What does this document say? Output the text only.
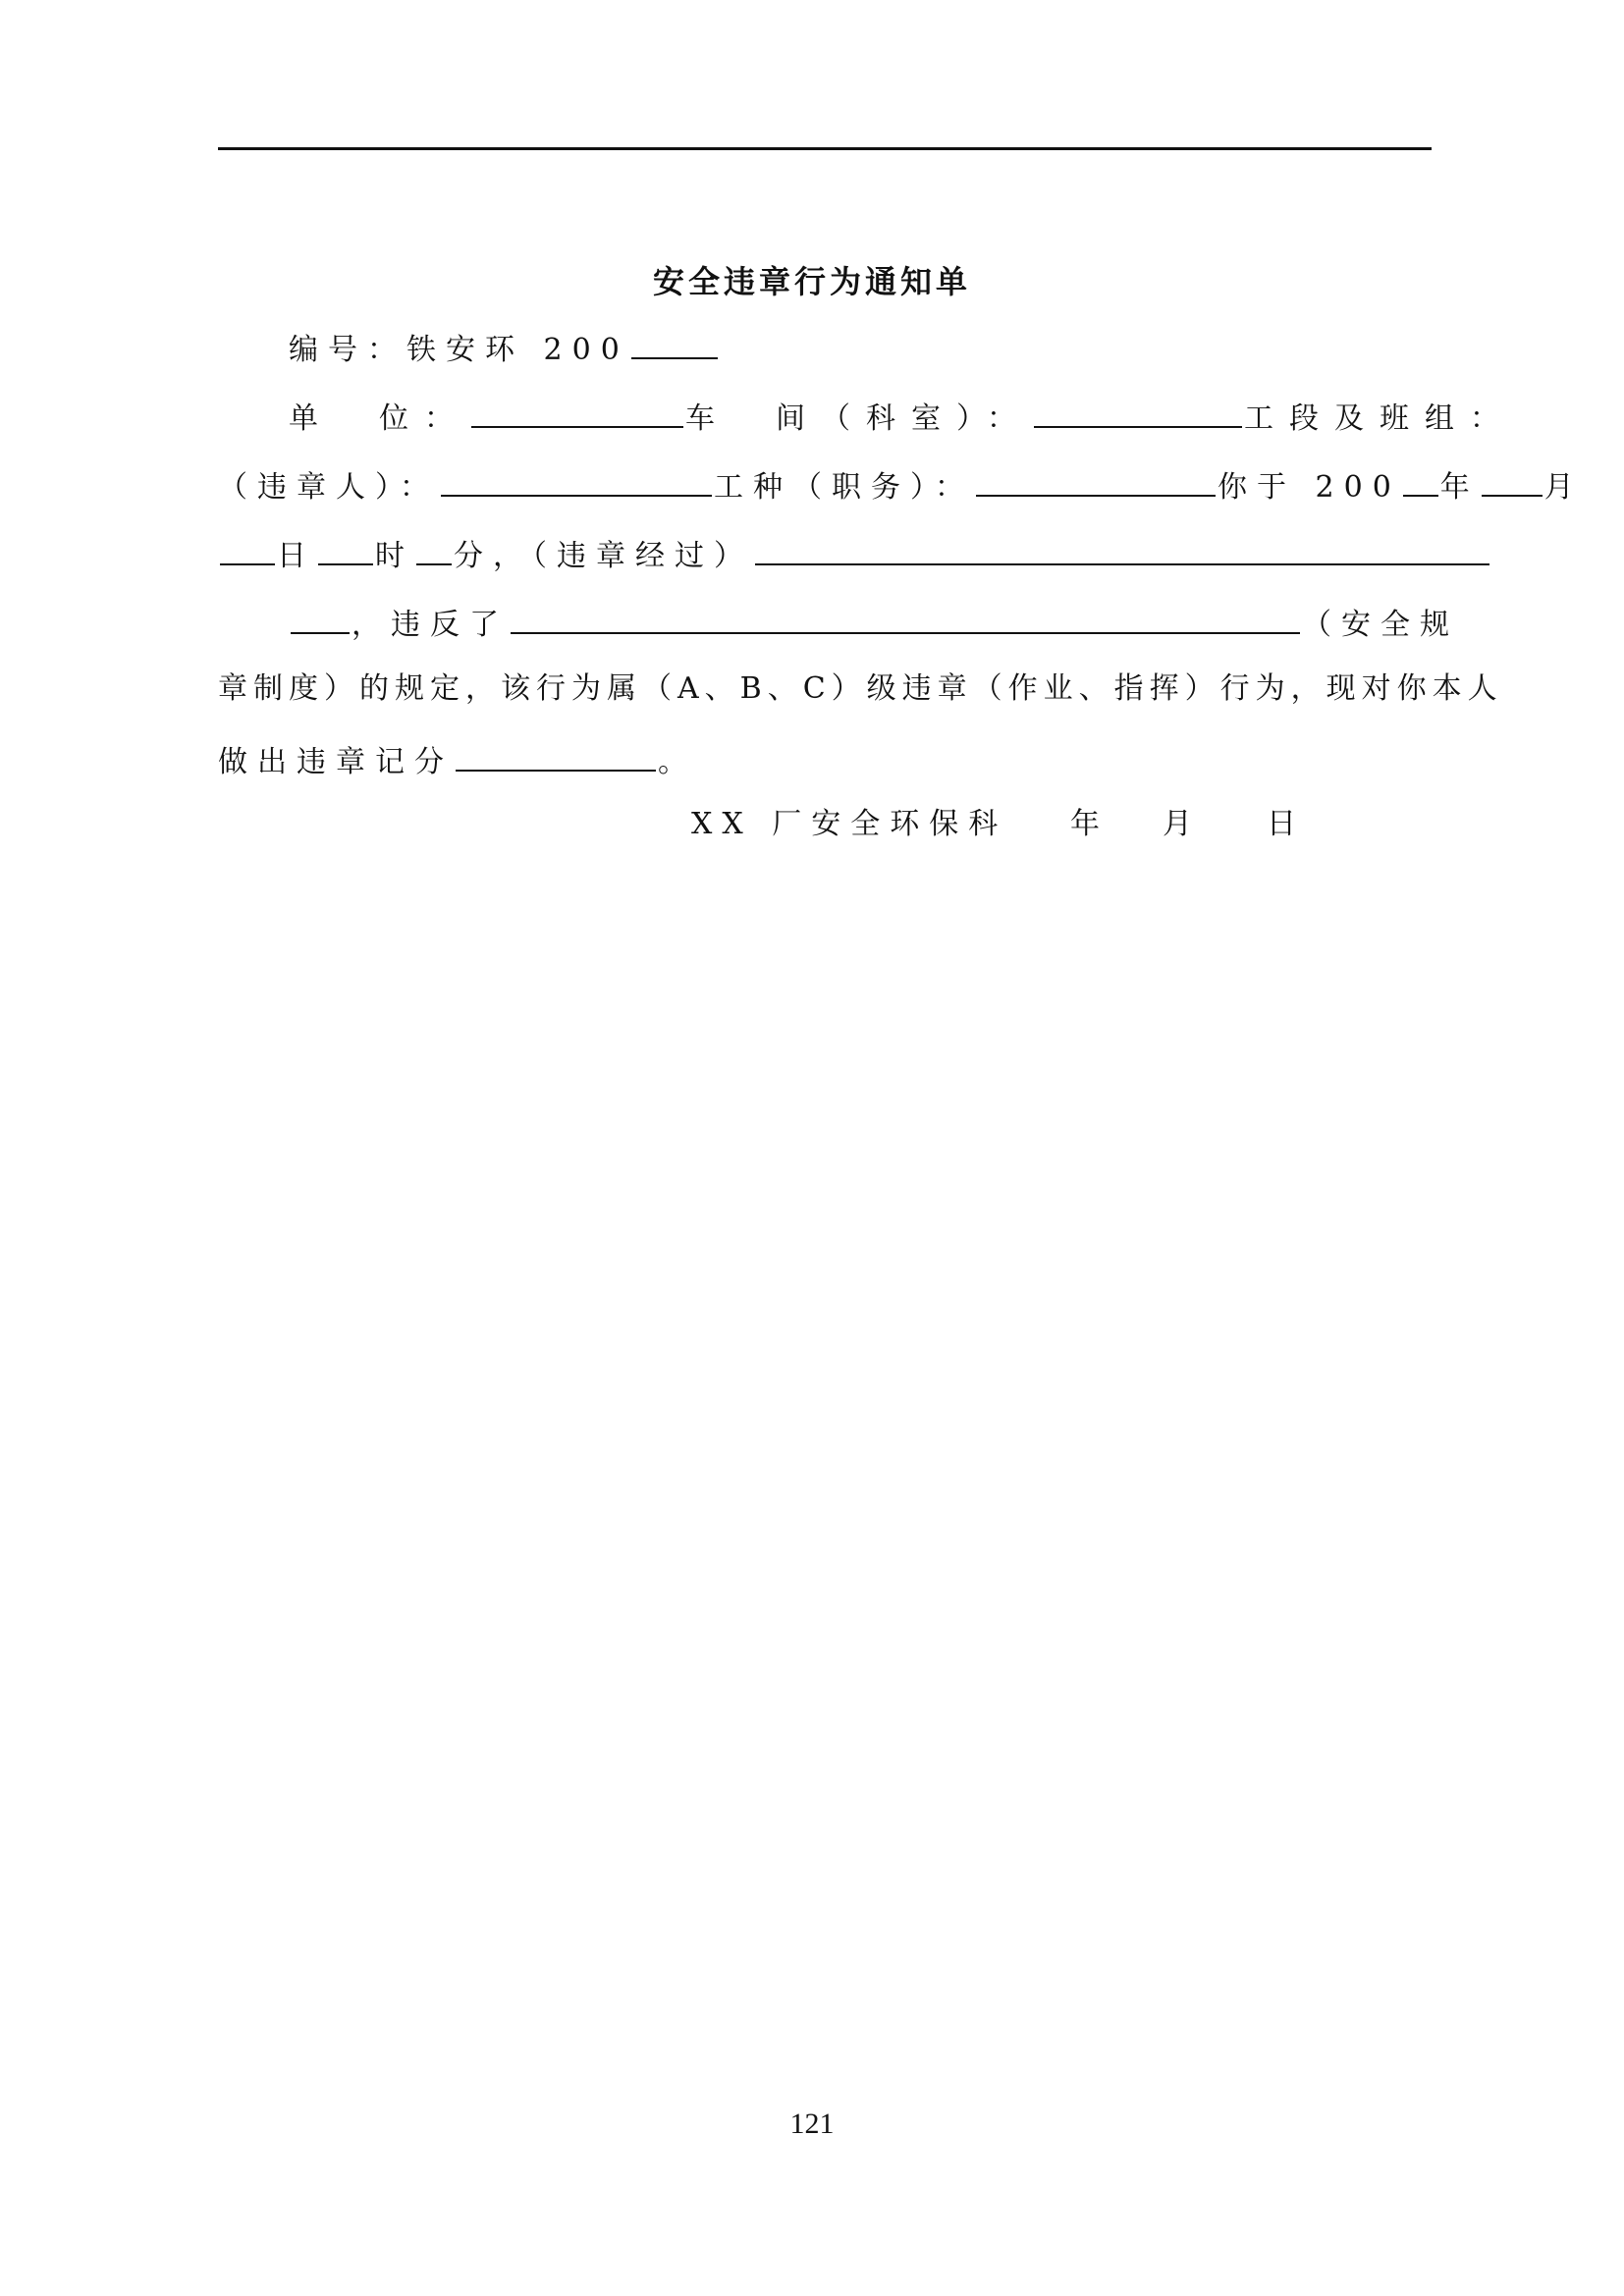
安全违章行为通知单
编号：铁安环 200
单　位：	车　间（科室）：	工段及班组：
（违章人）：	工种（职务）：	你于 200 年 月
日 时 分，（违章经过）
，违反了	（安全规
章制度）的规定，该行为属（A、B、C）级违章（作业、指挥）行为，现对你本人
做出违章记分	。
XX 厂安全环保科 年 月	日
121
